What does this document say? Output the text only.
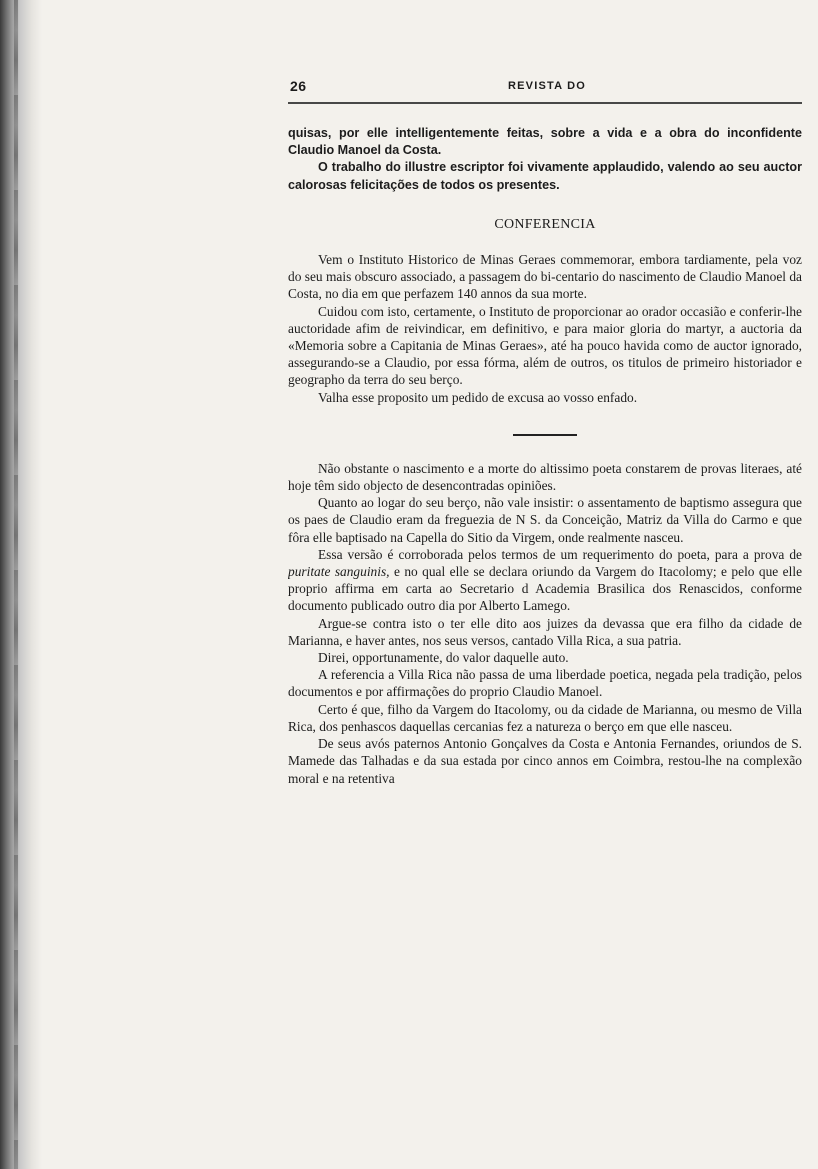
26	REVISTA DO

quisas, por elle intelligentemente feitas, sobre a vida e a obra do inconfidente Claudio Manoel da Costa.

O trabalho do illustre escriptor foi vivamente applaudido, valendo ao seu auctor calorosas felicitações de todos os presentes.

CONFERENCIA

Vem o Instituto Historico de Minas Geraes commemorar, embora tardiamente, pela voz do seu mais obscuro associado, a passagem do bi-centario do nascimento de Claudio Manoel da Costa, no dia em que perfazem 140 annos da sua morte.

Cuidou com isto, certamente, o Instituto de proporcionar ao orador occasião e conferir-lhe auctoridade afim de reivindicar, em definitivo, e para maior gloria do martyr, a auctoria da «Memoria sobre a Capitania de Minas Geraes», até ha pouco havida como de auctor ignorado, assegurando-se a Claudio, por essa fórma, além de outros, os titulos de primeiro historiador e geographo da terra do seu berço.

Valha esse proposito um pedido de excusa ao vosso enfado.

Não obstante o nascimento e a morte do altissimo poeta constarem de provas literaes, até hoje têm sido objecto de desencontradas opiniões.

Quanto ao logar do seu berço, não vale insistir: o assentamento de baptismo assegura que os paes de Claudio eram da freguezia de N S. da Conceição, Matriz da Villa do Carmo e que fôra elle baptisado na Capella do Sitio da Virgem, onde realmente nasceu.

Essa versão é corroborada pelos termos de um requerimento do poeta, para a prova de puritate sanguinis, e no qual elle se declara oriundo da Vargem do Itacolomy; e pelo que elle proprio affirma em carta ao Secretario d Academia Brasilica dos Renascidos, conforme documento publicado outro dia por Alberto Lamego.

Argue-se contra isto o ter elle dito aos juizes da devassa que era filho da cidade de Marianna, e haver antes, nos seus versos, cantado Villa Rica, a sua patria.

Direi, opportunamente, do valor daquelle auto.

A referencia a Villa Rica não passa de uma liberdade poetica, negada pela tradição, pelos documentos e por affirmações do proprio Claudio Manoel.

Certo é que, filho da Vargem do Itacolomy, ou da cidade de Marianna, ou mesmo de Villa Rica, dos penhascos daquellas cercanias fez a natureza o berço em que elle nasceu.

De seus avós paternos Antonio Gonçalves da Costa e Antonia Fernandes, oriundos de S. Mamede das Talhadas e da sua estada por cinco annos em Coimbra, restou-lhe na complexão moral e na retentiva
